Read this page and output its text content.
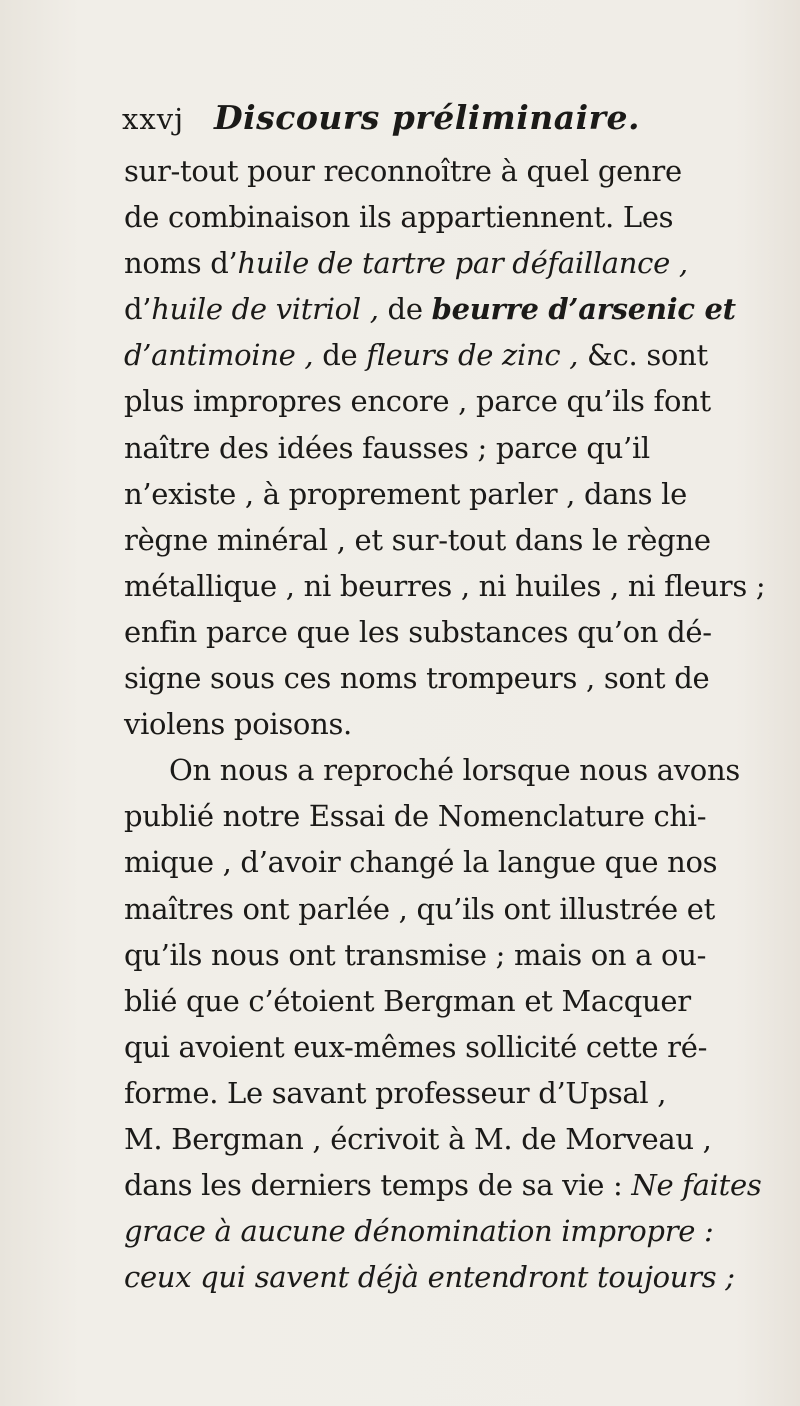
xxvj Discours préliminaire.
sur-tout pour reconnoître à quel genre
de combinaison ils appartiennent. Les
noms d’huile de tartre par défaillance ,
d’huile de vitriol , de beurre d’arsenic et
d’antimoine , de fleurs de zinc , &c. sont
plus impropres encore , parce qu’ils font
naître des idées fausses ; parce qu’il
n’existe , à proprement parler , dans le
règne minéral , et sur-tout dans le règne
métallique , ni beurres , ni huiles , ni fleurs ;
enfin parce que les substances qu’on dé-
signe sous ces noms trompeurs , sont de
violens poisons.
On nous a reproché lorsque nous avons
publié notre Essai de Nomenclature chi-
mique , d’avoir changé la langue que nos
maîtres ont parlée , qu’ils ont illustrée et
qu’ils nous ont transmise ; mais on a ou-
blié que c’étoient Bergman et Macquer
qui avoient eux-mêmes sollicité cette ré-
forme. Le savant professeur d’Upsal ,
M. Bergman , écrivoit à M. de Morveau ,
dans les derniers temps de sa vie : Ne faites
grace à aucune dénomination impropre :
ceux qui savent déjà entendront toujours ;
